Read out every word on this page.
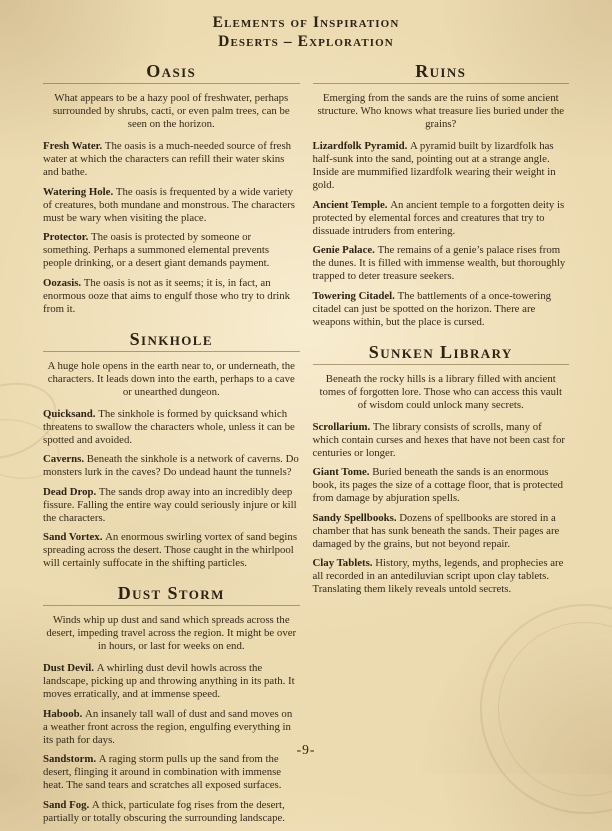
Elements of Inspiration
Deserts – Exploration
Oasis

What appears to be a hazy pool of freshwater, perhaps surrounded by shrubs, cacti, or even palm trees, can be seen on the horizon.

Fresh Water. The oasis is a much-needed source of fresh water at which the characters can refill their water skins and bathe.

Watering Hole. The oasis is frequented by a wide variety of creatures, both mundane and monstrous. The characters must be wary when visiting the place.

Protector. The oasis is protected by someone or something. Perhaps a summoned elemental prevents people drinking, or a desert giant demands payment.

Oozasis. The oasis is not as it seems; it is, in fact, an enormous ooze that aims to engulf those who try to drink from it.

Sinkhole

A huge hole opens in the earth near to, or underneath, the characters. It leads down into the earth, perhaps to a cave or unearthed dungeon.

Quicksand. The sinkhole is formed by quicksand which threatens to swallow the characters whole, unless it can be spotted and avoided.

Caverns. Beneath the sinkhole is a network of caverns. Do monsters lurk in the caves? Do undead haunt the tunnels?

Dead Drop. The sands drop away into an incredibly deep fissure. Falling the entire way could seriously injure or kill the characters.

Sand Vortex. An enormous swirling vortex of sand begins spreading across the desert. Those caught in the whirlpool will certainly suffocate in the shifting particles.

Dust Storm

Winds whip up dust and sand which spreads across the desert, impeding travel across the region. It might be over in hours, or last for weeks on end.

Dust Devil. A whirling dust devil howls across the landscape, picking up and throwing anything in its path. It moves erratically, and at immense speed.

Haboob. An insanely tall wall of dust and sand moves on a weather front across the region, engulfing everything in its path for days.

Sandstorm. A raging storm pulls up the sand from the desert, flinging it around in combination with immense heat. The sand tears and scratches all exposed surfaces.

Sand Fog. A thick, particulate fog rises from the desert, partially or totally obscuring the surrounding landscape.

Ruins

Emerging from the sands are the ruins of some ancient structure. Who knows what treasure lies buried under the grains?

Lizardfolk Pyramid. A pyramid built by lizardfolk has half-sunk into the sand, pointing out at a strange angle. Inside are mummified lizardfolk wearing their weight in gold.

Ancient Temple. An ancient temple to a forgotten deity is protected by elemental forces and creatures that try to dissuade intruders from entering.

Genie Palace. The remains of a genie’s palace rises from the dunes. It is filled with immense wealth, but thoroughly trapped to deter treasure seekers.

Towering Citadel. The battlements of a once-towering citadel can just be spotted on the horizon. There are weapons within, but the place is cursed.

Sunken Library

Beneath the rocky hills is a library filled with ancient tomes of forgotten lore. Those who can access this vault of wisdom could unlock many secrets.

Scrollarium. The library consists of scrolls, many of which contain curses and hexes that have not been cast for centuries or longer.

Giant Tome. Buried beneath the sands is an enormous book, its pages the size of a cottage floor, that is protected from damage by abjuration spells.

Sandy Spellbooks. Dozens of spellbooks are stored in a chamber that has sunk beneath the sands. Their pages are damaged by the grains, but not beyond repair.

Clay Tablets. History, myths, legends, and prophecies are all recorded in an antediluvian script upon clay tablets. Translating them likely reveals untold secrets.

-9-
